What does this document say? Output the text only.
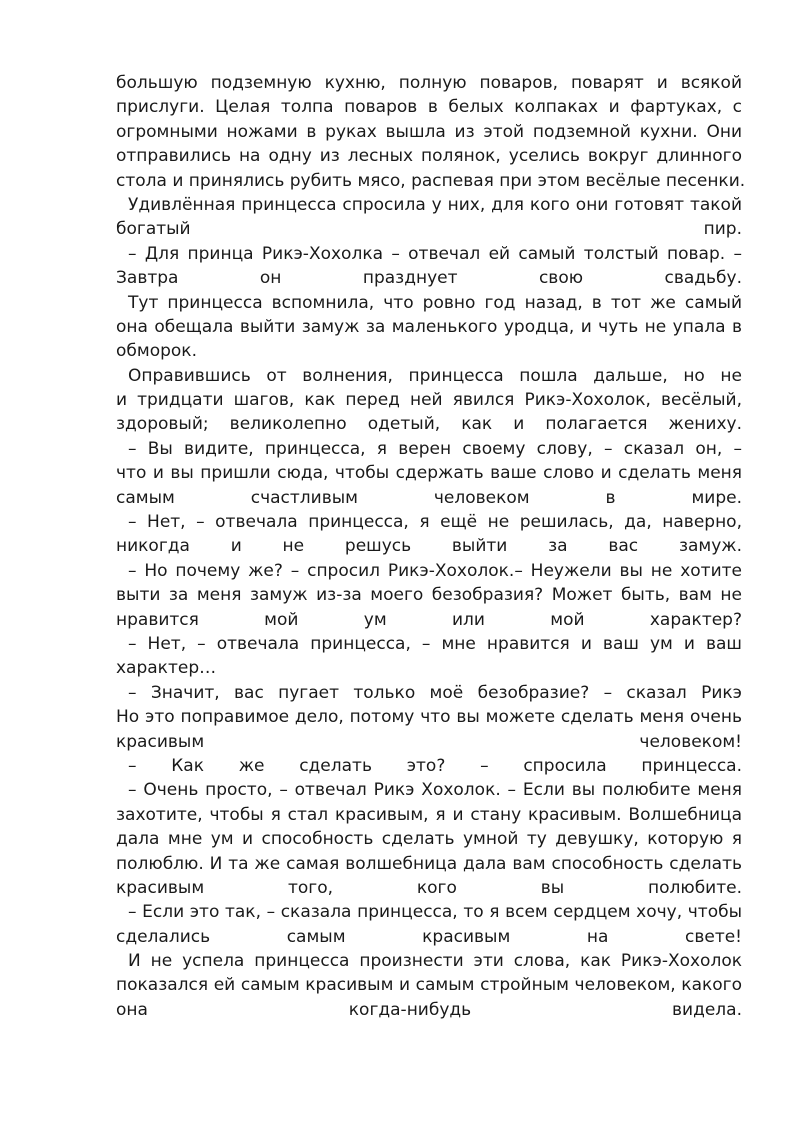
большую подземную кухню, полную поваров, поварят и всякой
прислуги. Целая толпа поваров в белых колпаках и фартуках, с
огромными ножами в руках вышла из этой подземной кухни. Они
отправились на одну из лесных полянок, уселись вокруг длинного
стола и принялись рубить мясо, распевая при этом весёлые песенки.
Удивлённая принцесса спросила у них, для кого они готовят такой
богатый пир.
– Для принца Рикэ-Хохолка – отвечал ей самый толстый повар. –
Завтра он празднует свою свадьбу.
Тут принцесса вспомнила, что ровно год назад, в тот же самый
она обещала выйти замуж за маленького уродца, и чуть не упала в
обморок.
Оправившись от волнения, принцесса пошла дальше, но не
и тридцати шагов, как перед ней явился Рикэ-Хохолок, весёлый,
здоровый; великолепно одетый, как и полагается жениху.
– Вы видите, принцесса, я верен своему слову, – сказал он, –
что и вы пришли сюда, чтобы сдержать ваше слово и сделать меня
самым счастливым человеком в мире.
– Нет, – отвечала принцесса, я ещё не решилась, да, наверно,
никогда и не решусь выйти за вас замуж.
– Но почему же? – спросил Рикэ-Хохолок.– Неужели вы не хотите
выти за меня замуж из-за моего безобразия? Может быть, вам не
нравится мой ум или мой характер?
– Нет, – отвечала принцесса, – мне нравится и ваш ум и ваш
характер…
– Значит, вас пугает только моё безобразие? – сказал Рикэ
Но это поправимое дело, потому что вы можете сделать меня очень
красивым человеком!
– Как же сделать это? – спросила принцесса.
– Очень просто, – отвечал Рикэ Хохолок. – Если вы полюбите меня
захотите, чтобы я стал красивым, я и стану красивым. Волшебница
дала мне ум и способность сделать умной ту девушку, которую я
полюблю. И та же самая волшебница дала вам способность сделать
красивым того, кого вы полюбите.
– Если это так, – сказала принцесса, то я всем сердцем хочу, чтобы
сделались самым красивым на свете!
И не успела принцесса произнести эти слова, как Рикэ-Хохолок
показался ей самым красивым и самым стройным человеком, какого
она когда-нибудь видела.
